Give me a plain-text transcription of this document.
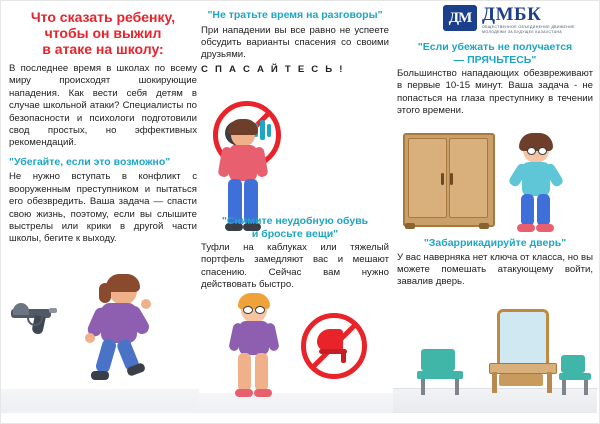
Что сказать ребенку,
чтобы он выжил
в атаке на школу:

В последнее время в школах по всему миру происходят шокирующие нападения. Как вести себя детям в случае школьной атаки? Специалисты по безопасности и психологи подготовили свод простых, но эффективных рекомендаций.

"Убегайте, если это возможно"

Не нужно вступать в конфликт с вооруженным преступником и пытаться его обезвредить. Ваша задача — спасти свою жизнь, поэтому, если вы слышите выстрелы или крики в другой части школы, бегите к выходу.

"Не тратьте время на разговоры"

При нападении вы все равно не успеете обсудить варианты спасения со своими друзьями.

С П А С А Й Т Е С Ь !

"Снимите неудобную обувь
и бросьте вещи"

Туфли на каблуках или тяжелый портфель замедляют вас и мешают спасению. Сейчас вам нужно действовать быстро.

ДМ ДМБК
ОБЩЕСТВЕННОЕ ОБЪЕДИНЕНИЕ ДВИЖЕНИЕ МОЛОДЕЖИ ЗА БУДУЩЕЕ КАЗАХСТАНА

"Если убежать не получается
— ПРЯЧЬТЕСЬ"

Большинство нападающих обезвреживают в первые 10-15 минут. Ваша задача - не попасться на глаза преступнику в течении этого времени.

"Забаррикадируйте дверь"

У вас наверняка нет ключа от класса, но вы можете помешать атакующему войти, завалив дверь.
